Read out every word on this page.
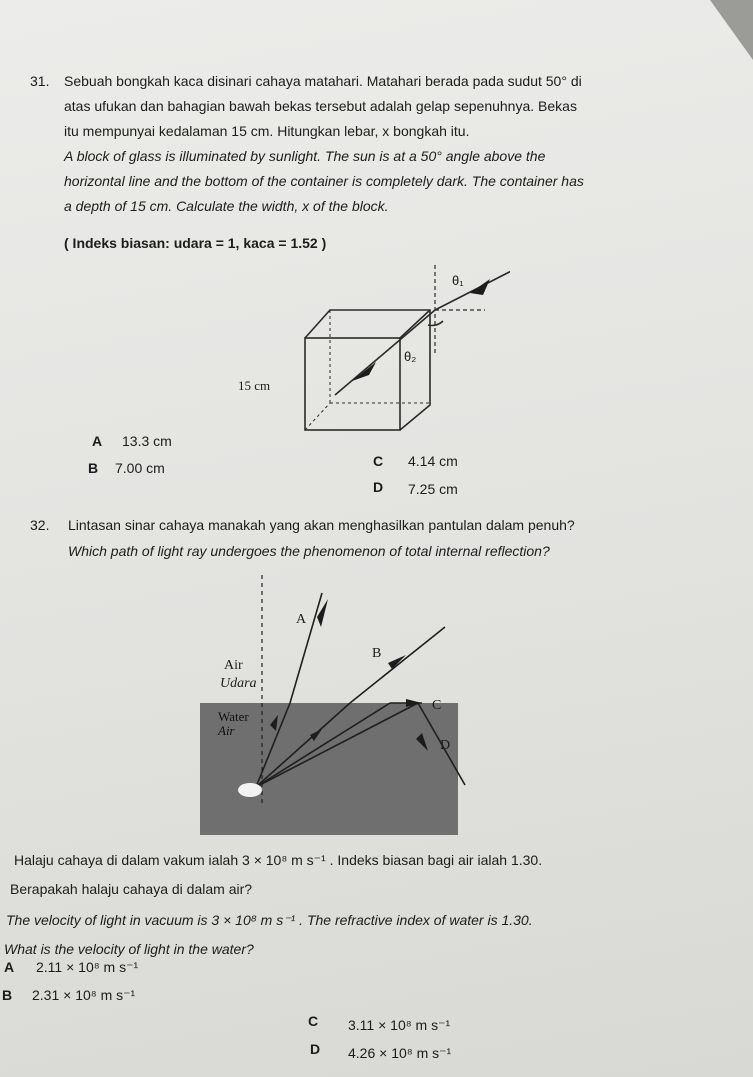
31. Sebuah bongkah kaca disinari cahaya matahari. Matahari berada pada sudut 50° di
atas ufukan dan bahagian bawah bekas tersebut adalah gelap sepenuhnya. Bekas
itu mempunyai kedalaman 15 cm. Hitungkan lebar, x bongkah itu.
A block of glass is illuminated by sunlight. The sun is at a 50° angle above the
horizontal line and the bottom of the container is completely dark. The container has
a depth of 15 cm. Calculate the width, x of the block.
( Indeks biasan: udara = 1, kaca = 1.52 )
θ₁
θ₂
15 cm
A 13.3 cm
B 7.00 cm	C 4.14 cm
D 7.25 cm
32. Lintasan sinar cahaya manakah yang akan menghasilkan pantulan dalam penuh?
Which path of light ray undergoes the phenomenon of total internal reflection?
A
B
C
D
Air
Udara
Water
Air
Halaju cahaya di dalam vakum ialah 3 × 10⁸ m s⁻¹ . Indeks biasan bagi air ialah 1.30.
Berapakah halaju cahaya di dalam air?
The velocity of light in vacuum is 3 × 10⁸ m s⁻¹ . The refractive index of water is 1.30.
What is the velocity of light in the water?
A 2.11 × 10⁸ m s⁻¹
B 2.31 × 10⁸ m s⁻¹
C 3.11 × 10⁸ m s⁻¹
D 4.26 × 10⁸ m s⁻¹
